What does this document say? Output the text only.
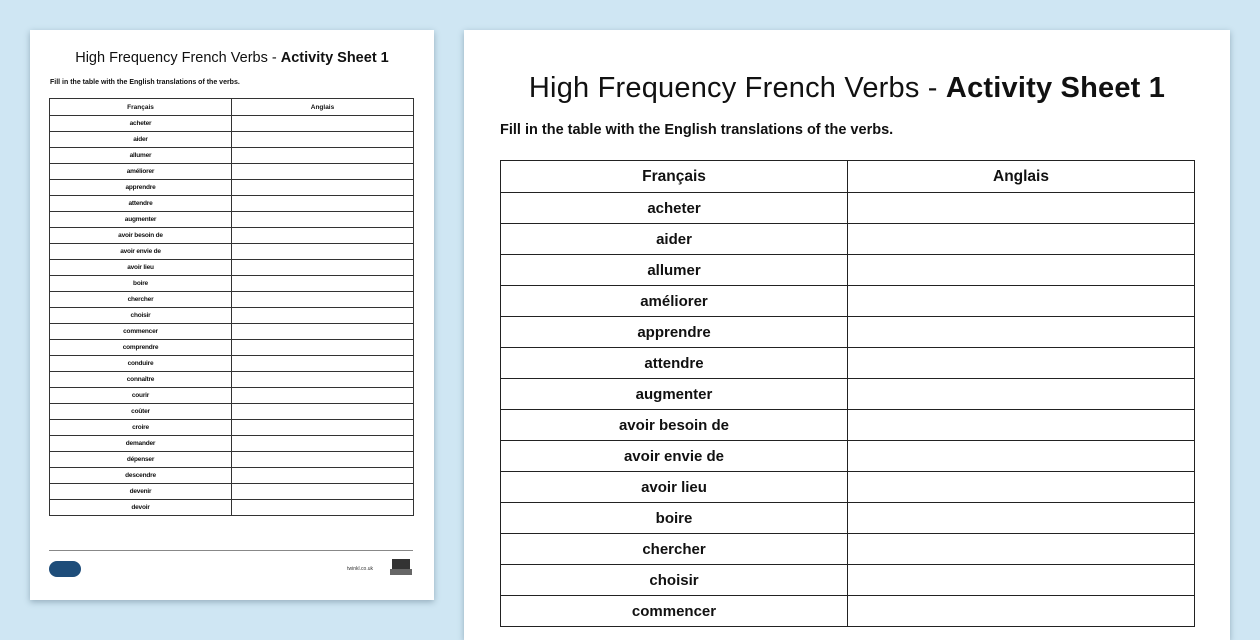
High Frequency French Verbs - Activity Sheet 1
Fill in the table with the English translations of the verbs.
Français	Anglais
acheter	
aider	
allumer	
améliorer	
apprendre	
attendre	
augmenter	
avoir besoin de	
avoir envie de	
avoir lieu	
boire	
chercher	
choisir	
commencer	
comprendre	
conduire	
connaître	
courir	
coûter	
croire	
demander	
dépenser	
descendre	
devenir	
devoir	
twinkl.co.uk
High Frequency French Verbs - Activity Sheet 1
Fill in the table with the English translations of the verbs.
Français	Anglais
acheter	
aider	
allumer	
améliorer	
apprendre	
attendre	
augmenter	
avoir besoin de	
avoir envie de	
avoir lieu	
boire	
chercher	
choisir	
commencer	
